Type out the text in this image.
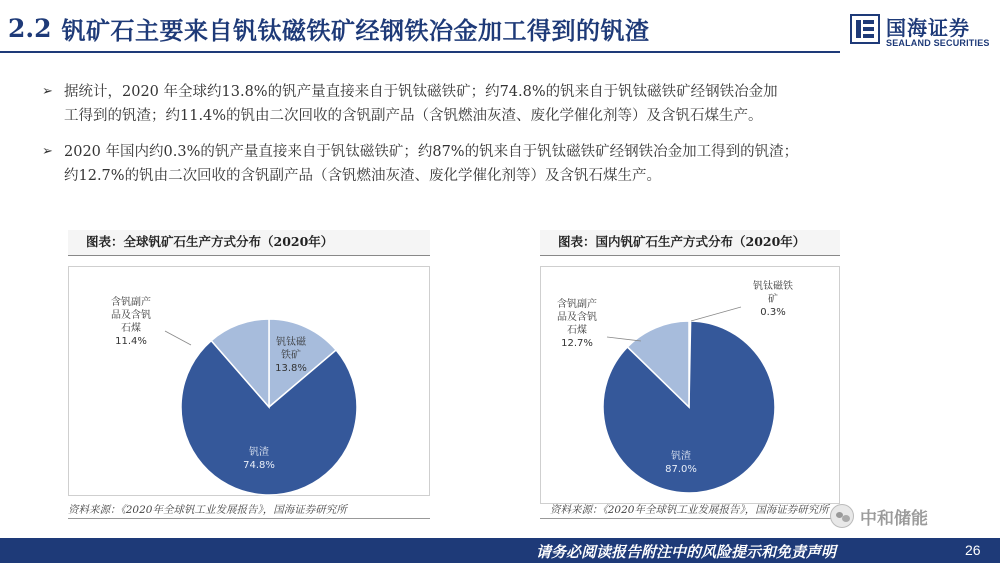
2.2 钒矿石主要来自钒钛磁铁矿经钢铁冶金加工得到的钒渣	国海证券
SEALAND SECURITIES
➢ 据统计，2020 年全球约13.8%的钒产量直接来自于钒钛磁铁矿；约74.8%的钒来自于钒钛磁铁矿经钢铁冶金加
工得到的钒渣；约11.4%的钒由二次回收的含钒副产品（含钒燃油灰渣、废化学催化剂等）及含钒石煤生产。
➢ 2020 年国内约0.3%的钒产量直接来自于钒钛磁铁矿；约87%的钒来自于钒钛磁铁矿经钢铁冶金加工得到的钒渣；
约12.7%的钒由二次回收的含钒副产品（含钒燃油灰渣、废化学催化剂等）及含钒石煤生产。
图表：全球钒矿石生产方式分布（2020年）
钒钛磁铁矿 13.8%
钒渣 74.8%
含钒副产品及含钒石煤 11.4%
图表：国内钒矿石生产方式分布（2020年）
钒钛磁铁矿 0.3%
钒渣 87.0%
含钒副产品及含钒石煤 12.7%
资料来源：《2020年全球钒工业发展报告》，国海证券研究所	资料来源：《2020年全球钒工业发展报告》，国海证券研究所 中和储能
请务必阅读报告附注中的风险提示和免责声明	26
